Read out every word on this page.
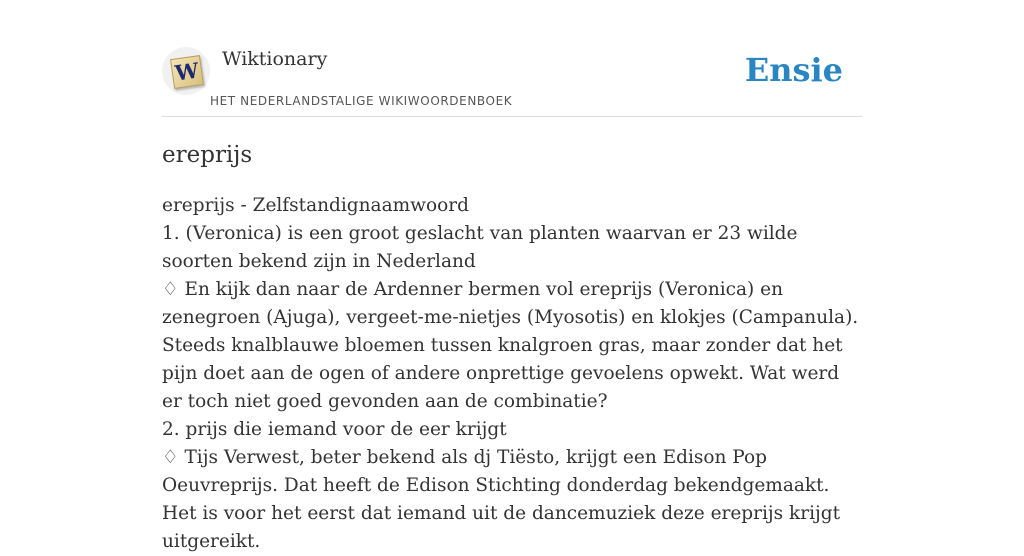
W Wiktionary
HET NEDERLANDSTALIGE WIKIWOORDENBOEK
Ensie
ereprijs
ereprijs - Zelfstandignaamwoord
1. (Veronica) is een groot geslacht van planten waarvan er 23 wilde soorten bekend zijn in Nederland
♢ En kijk dan naar de Ardenner bermen vol ereprijs (Veronica) en zenegroen (Ajuga), vergeet-me-nietjes (Myosotis) en klokjes (Campanula). Steeds knalblauwe bloemen tussen knalgroen gras, maar zonder dat het pijn doet aan de ogen of andere onprettige gevoelens opwekt. Wat werd er toch niet goed gevonden aan de combinatie?
2. prijs die iemand voor de eer krijgt
♢ Tijs Verwest, beter bekend als dj Tiësto, krijgt een Edison Pop Oeuvreprijs. Dat heeft de Edison Stichting donderdag bekendgemaakt. Het is voor het eerst dat iemand uit de dancemuziek deze ereprijs krijgt uitgereikt.
